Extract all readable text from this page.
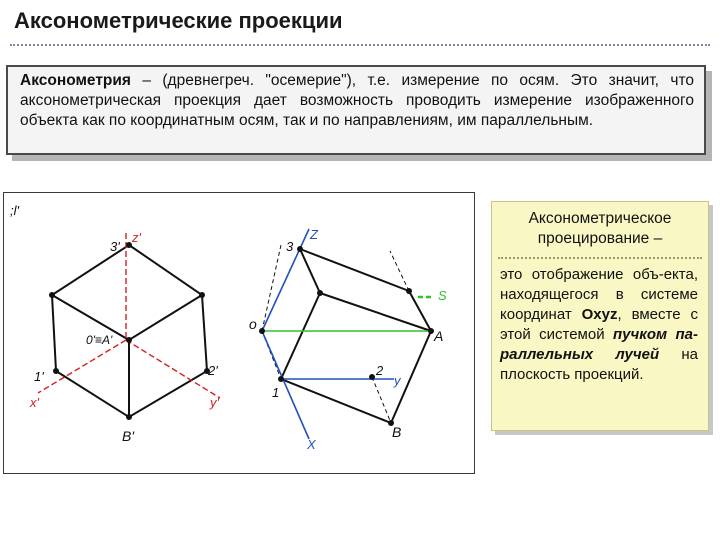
Аксонометрические проекции
Аксонометрия – (древнегреч. "осемерие"), т.е. измерение по осям. Это значит, что аксонометрическая проекция дает возможность проводить измерение изображенного объекта как по координатным осям, так и по направлениям, им параллельным.
;l'
z'
3'
0'≡A'
1'
x'
2'
y'
B'
Z
3
o
S
A
2
y
1
B
X
Аксонометрическое проецирование –
это отображение объ-екта, находящегося в системе координат Oxyz, вместе с этой системой пучком па-раллельных лучей на плоскость проекций.
